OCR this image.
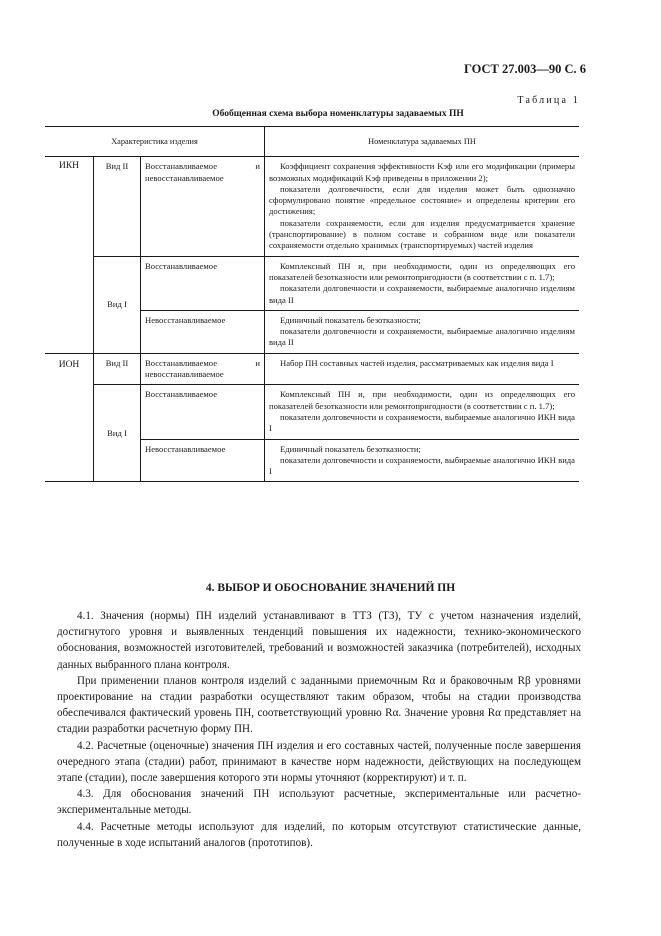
ГОСТ 27.003—90 С. 6
Таблица 1
Обобщенная схема выбора номенклатуры задаваемых ПН
Характеристика изделия			Номенклатура задаваемых ПН
ИКН	Вид II	Восстанавливаемое и невосстанавливаемое	Коэффициент сохранения эффективности Kэф или его модификации (примеры возможных модификаций Kэф приведены в приложении 2);

показатели долговечности, если для изделия может быть однозначно сформулировано понятие «предельное состояние» и определены критерии его достижения;

показатели сохраняемости, если для изделия предусматривается хранение (транспортирование) в полном составе и собранном виде или показатели сохраняемости отдельно хранимых (транспортируемых) частей изделия

	Вид I	Восстанавливаемое	Комплексный ПН и, при необходимости, один из определяющих его показателей безотказности или ремонтопригодности (в соответствии с п. 1.7);

показатели долговечности и сохраняемости, выбираемые аналогично изделиям вида II

		Невосстанавливаемое	Единичный показатель безотказности;

показатели долговечности и сохраняемости, выбираемые аналогично изделиям вида II

ИОН	Вид II	Восстанавливаемое и невосстанавливаемое	Набор ПН составных частей изделия, рассматриваемых как изделия вида I

	Вид I	Восстанавливаемое	Комплексный ПН и, при необходимости, один из определяющих его показателей безотказности или ремонтопригодности (в соответствии с п. 1.7);

показатели долговечности и сохраняемости, выбираемые аналогично ИКН вида I

		Невосстанавливаемое	Единичный показатель безотказности;

показатели долговечности и сохраняемости, выбираемые аналогично ИКН вида I

4. ВЫБОР И ОБОСНОВАНИЕ ЗНАЧЕНИЙ ПН

4.1. Значения (нормы) ПН изделий устанавливают в ТТЗ (ТЗ), ТУ с учетом назначения изделий, достигнутого уровня и выявленных тенденций повышения их надежности, технико-экономического обоснования, возможностей изготовителей, требований и возможностей заказчика (потребителей), исходных данных выбранного плана контроля.

При применении планов контроля изделий с заданными приемочным Rα и браковочным Rβ уровнями проектирование на стадии разработки осуществляют таким образом, чтобы на стадии производства обеспечивался фактический уровень ПН, соответствующий уровню Rα. Значение уровня Rα представляет на стадии разработки расчетную форму ПН.

4.2. Расчетные (оценочные) значения ПН изделия и его составных частей, полученные после завершения очередного этапа (стадии) работ, принимают в качестве норм надежности, действующих на последующем этапе (стадии), после завершения которого эти нормы уточняют (корректируют) и т. п.

4.3. Для обоснования значений ПН используют расчетные, экспериментальные или расчетно-экспериментальные методы.

4.4. Расчетные методы используют для изделий, по которым отсутствуют статистические данные, полученные в ходе испытаний аналогов (прототипов).
